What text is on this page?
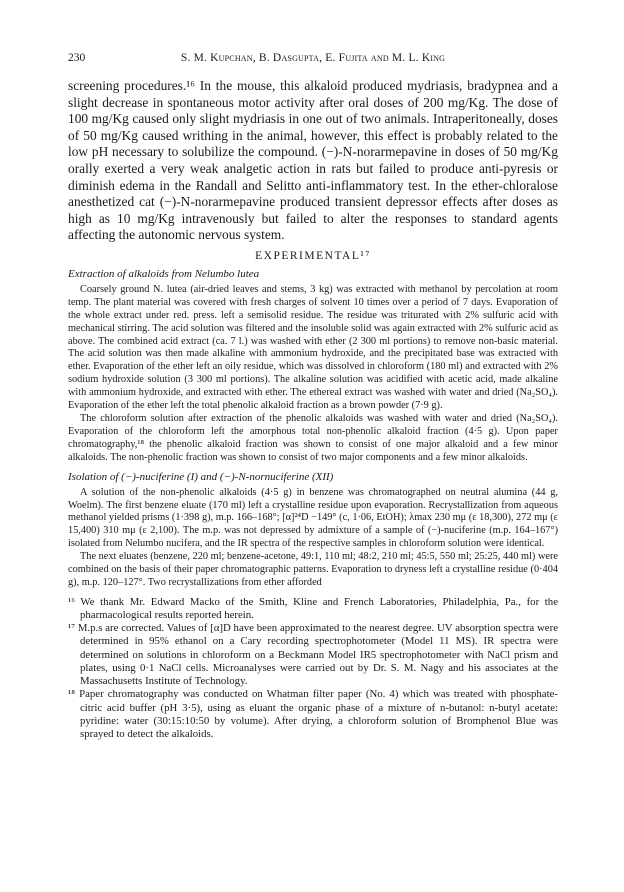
230	S. M. Kupchan, B. Dasgupta, E. Fujita and M. L. King

screening procedures.¹⁶ In the mouse, this alkaloid produced mydriasis, bradypnea and a slight decrease in spontaneous motor activity after oral doses of 200 mg/Kg. The dose of 100 mg/Kg caused only slight mydriasis in one out of two animals. Intraperitoneally, doses of 50 mg/Kg caused writhing in the animal, however, this effect is probably related to the low pH necessary to solubilize the compound. (−)-N-norarmepavine in doses of 50 mg/Kg orally exerted a very weak analgetic action in rats but failed to produce anti-pyresis or diminish edema in the Randall and Selitto anti-inflammatory test. In the ether-chloralose anesthetized cat (−)-N-norarmepavine produced transient depressor effects after doses as high as 10 mg/Kg intravenously but failed to alter the responses to standard agents affecting the autonomic nervous system.

EXPERIMENTAL¹⁷
Extraction of alkaloids from Nelumbo lutea

Coarsely ground N. lutea (air-dried leaves and stems, 3 kg) was extracted with methanol by percolation at room temp. The plant material was covered with fresh charges of solvent 10 times over a period of 7 days. Evaporation of the whole extract under red. press. left a semisolid residue. The residue was triturated with 2% sulfuric acid with mechanical stirring. The acid solution was filtered and the insoluble solid was again extracted with 2% sulfuric acid as above. The combined acid extract (ca. 7 l.) was washed with ether (2 300 ml portions) to remove non-basic material. The acid solution was then made alkaline with ammonium hydroxide, and the precipitated base was extracted with ether. Evaporation of the ether left an oily residue, which was dissolved in chloroform (180 ml) and extracted with 2% sodium hydroxide solution (3 300 ml portions). The alkaline solution was acidified with acetic acid, made alkaline with ammonium hydroxide, and extracted with ether. The ethereal extract was washed with water and dried (Na₂SO₄). Evaporation of the ether left the total phenolic alkaloid fraction as a brown powder (7·9 g).

The chloroform solution after extraction of the phenolic alkaloids was washed with water and dried (Na₂SO₄). Evaporation of the chloroform left the amorphous total non-phenolic alkaloid fraction (4·5 g). Upon paper chromatography,¹⁸ the phenolic alkaloid fraction was shown to consist of one major alkaloid and a few minor alkaloids. The non-phenolic fraction was shown to consist of two major components and a few minor alkaloids.

Isolation of (−)-nuciferine (I) and (−)-N-nornuciferine (XII)

A solution of the non-phenolic alkaloids (4·5 g) in benzene was chromatographed on neutral alumina (44 g, Woelm). The first benzene eluate (170 ml) left a crystalline residue upon evaporation. Recrystallization from aqueous methanol yielded prisms (1·398 g), m.p. 166–168°; [α]²⁴D −149° (c, 1·06, EtOH); λmax 230 mμ (ε 18,300), 272 mμ (ε 15,400) 310 mμ (ε 2,100). The m.p. was not depressed by admixture of a sample of (−)-nuciferine (m.p. 164–167°) isolated from Nelumbo nucifera, and the IR spectra of the respective samples in chloroform solution were identical.

The next eluates (benzene, 220 ml; benzene-acetone, 49:1, 110 ml; 48:2, 210 ml; 45:5, 550 ml; 25:25, 440 ml) were combined on the basis of their paper chromatographic patterns. Evaporation to dryness left a crystalline residue (0·404 g), m.p. 120–127°. Two recrystallizations from ether afforded

¹⁶ We thank Mr. Edward Macko of the Smith, Kline and French Laboratories, Philadelphia, Pa., for the pharmacological results reported herein.

¹⁷ M.p.s are corrected. Values of [α]D have been approximated to the nearest degree. UV absorption spectra were determined in 95% ethanol on a Cary recording spectrophotometer (Model 11 MS). IR spectra were determined on solutions in chloroform on a Beckmann Model IR5 spectrophotometer with NaCl prism and plates, using 0·1 NaCl cells. Microanalyses were carried out by Dr. S. M. Nagy and his associates at the Massachusetts Institute of Technology.

¹⁸ Paper chromatography was conducted on Whatman filter paper (No. 4) which was treated with phosphate-citric acid buffer (pH 3·5), using as eluant the organic phase of a mixture of n-butanol: n-butyl acetate: pyridine: water (30:15:10:50 by volume). After drying, a chloroform solution of Bromphenol Blue was sprayed to detect the alkaloids.
